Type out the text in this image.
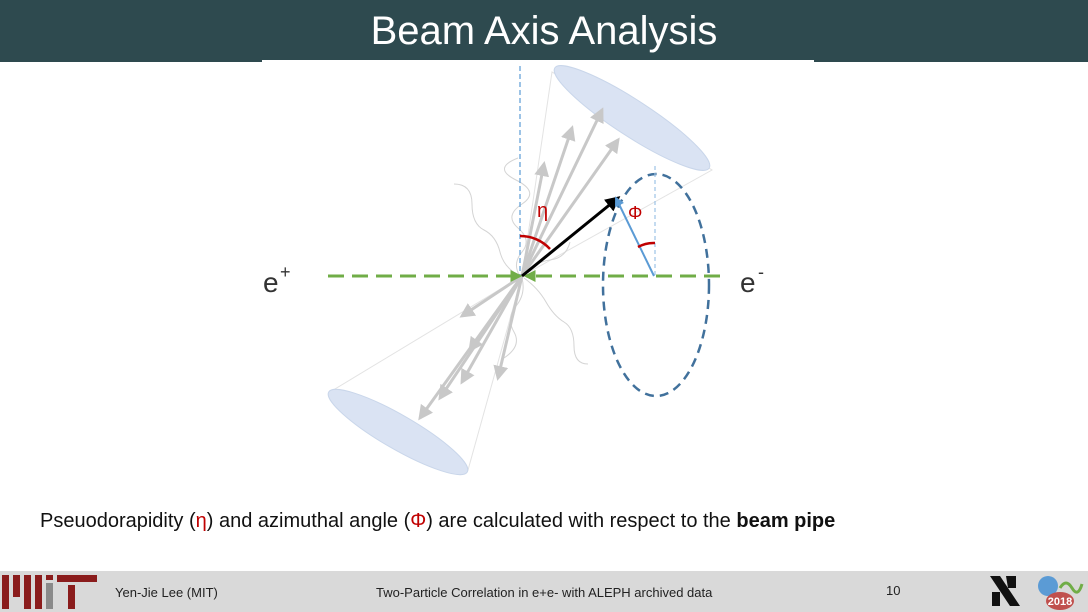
Beam Axis Analysis
η	Φ
e +	e -
Pseuodorapidity (η) and azimuthal angle (Φ) are calculated with respect to the beam pipe
Yen-Jie Lee (MIT)	Two-Particle Correlation in e+e- with ALEPH archived data	10
2018
